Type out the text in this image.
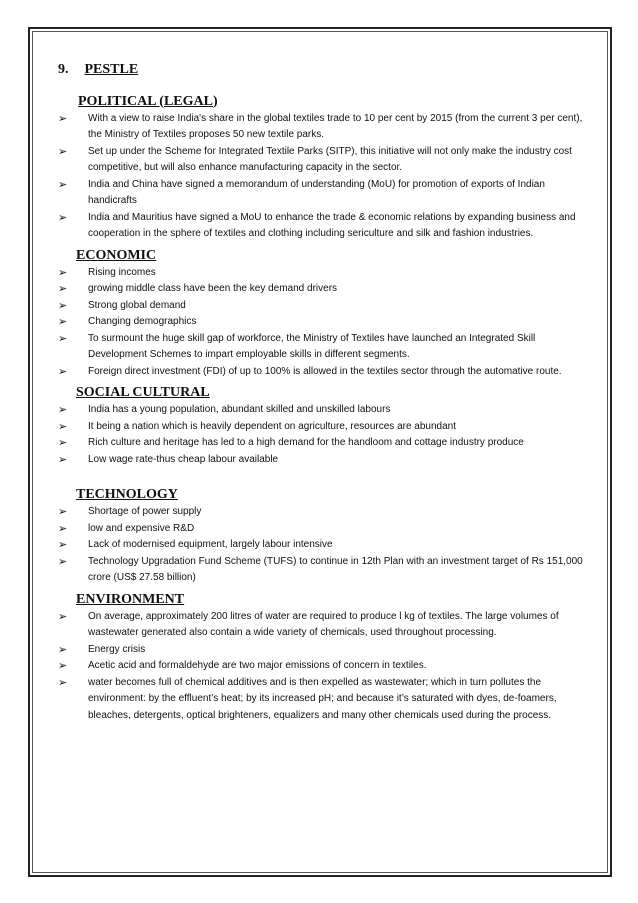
9. PESTLE
POLITICAL (LEGAL)
➢ With a view to raise India's share in the global textiles trade to 10 per cent by 2015 (from the current 3 per cent), the Ministry of Textiles proposes 50 new textile parks.
➢ Set up under the Scheme for Integrated Textile Parks (SITP), this initiative will not only make the industry cost competitive, but will also enhance manufacturing capacity in the sector.
➢ India and China have signed a memorandum of understanding (MoU) for promotion of exports of Indian handicrafts
➢ India and Mauritius have signed a MoU to enhance the trade & economic relations by expanding business and cooperation in the sphere of textiles and clothing including sericulture and silk and fashion industries.
ECONOMIC
➢ Rising incomes
➢ growing middle class have been the key demand drivers
➢ Strong global demand
➢ Changing demographics
➢ To surmount the huge skill gap of workforce, the Ministry of Textiles have launched an Integrated Skill Development Schemes to impart employable skills in different segments.
➢ Foreign direct investment (FDI) of up to 100% is allowed in the textiles sector through the automative route.
SOCIAL CULTURAL
➢ India has a young population, abundant skilled and unskilled labours
➢ It being a nation which is heavily dependent on agriculture, resources are abundant
➢ Rich culture and heritage has led to a high demand for the handloom and cottage industry produce
➢ Low wage rate-thus cheap labour available
TECHNOLOGY
➢ Shortage of power supply
➢ low and expensive R&D
➢ Lack of modernised equipment, largely labour intensive
➢ Technology Upgradation Fund Scheme (TUFS) to continue in 12th Plan with an investment target of Rs 151,000 crore (US$ 27.58 billion)
ENVIRONMENT
➢ On average, approximately 200 litres of water are required to produce l kg of textiles. The large volumes of wastewater generated also contain a wide variety of chemicals, used throughout processing.
➢ Energy crisis
➢ Acetic acid and formaldehyde are two major emissions of concern in textiles.
➢ water becomes full of chemical additives and is then expelled as wastewater; which in turn pollutes the environment: by the effluent’s heat; by its increased pH; and because it’s saturated with dyes, de-foamers, bleaches, detergents, optical brighteners, equalizers and many other chemicals used during the process.
